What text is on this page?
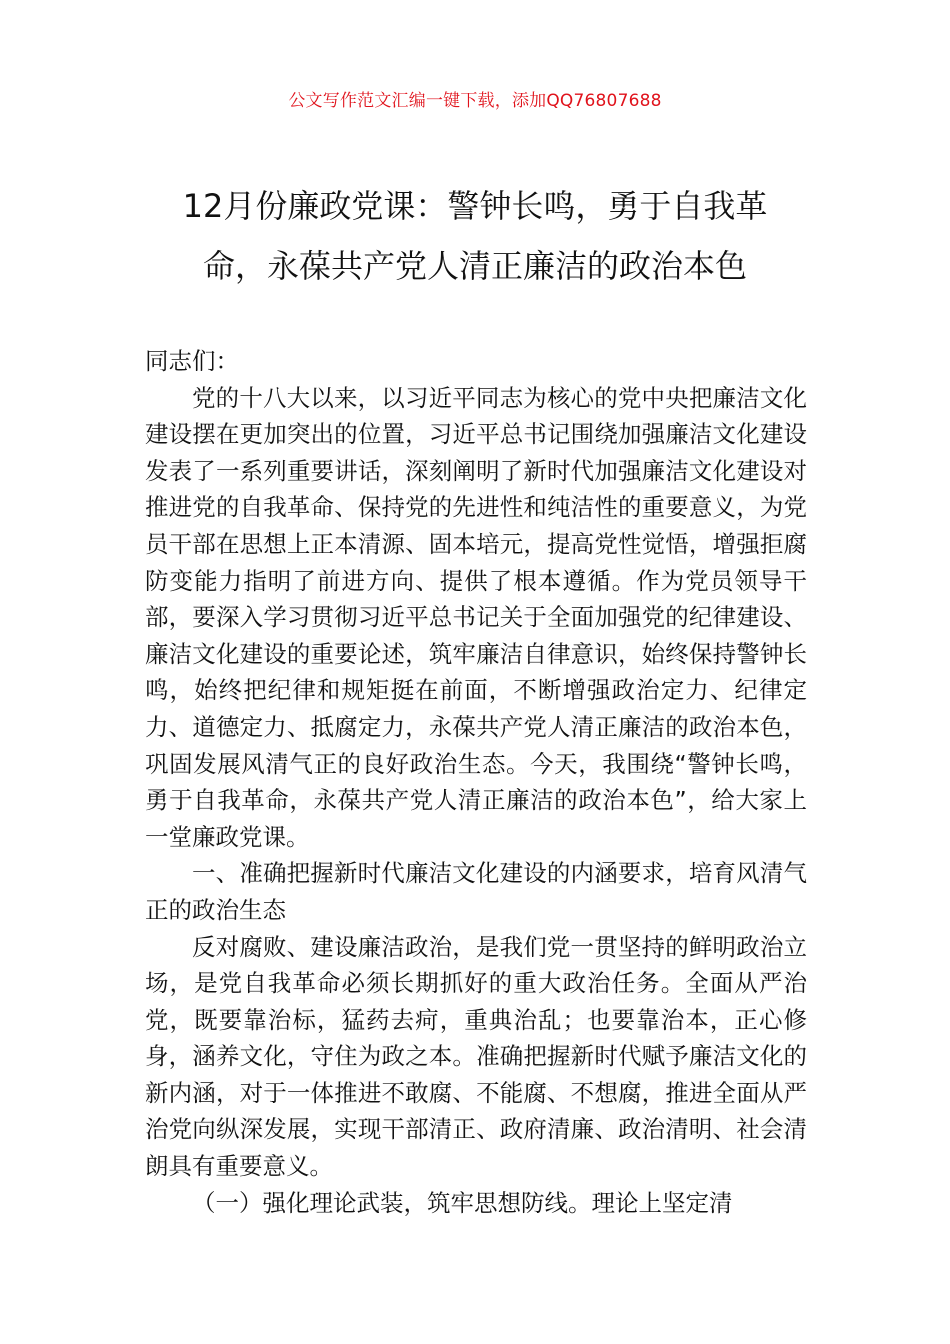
公文写作范文汇编一键下载，添加QQ76807688
12月份廉政党课：警钟长鸣，勇于自我革
命，永葆共产党人清正廉洁的政治本色

同志们：

党的十八大以来，以习近平同志为核心的党中央把廉洁文化建设摆在更加突出的位置，习近平总书记围绕加强廉洁文化建设发表了一系列重要讲话，深刻阐明了新时代加强廉洁文化建设对推进党的自我革命、保持党的先进性和纯洁性的重要意义，为党员干部在思想上正本清源、固本培元，提高党性觉悟，增强拒腐防变能力指明了前进方向、提供了根本遵循。作为党员领导干部，要深入学习贯彻习近平总书记关于全面加强党的纪律建设、廉洁文化建设的重要论述，筑牢廉洁自律意识，始终保持警钟长鸣，始终把纪律和规矩挺在前面，不断增强政治定力、纪律定力、道德定力、抵腐定力，永葆共产党人清正廉洁的政治本色，巩固发展风清气正的良好政治生态。今天，我围绕“警钟长鸣，勇于自我革命，永葆共产党人清正廉洁的政治本色”，给大家上一堂廉政党课。

一、准确把握新时代廉洁文化建设的内涵要求，培育风清气正的政治生态

反对腐败、建设廉洁政治，是我们党一贯坚持的鲜明政治立场，是党自我革命必须长期抓好的重大政治任务。全面从严治党，既要靠治标，猛药去疴，重典治乱；也要靠治本，正心修身，涵养文化，守住为政之本。准确把握新时代赋予廉洁文化的新内涵，对于一体推进不敢腐、不能腐、不想腐，推进全面从严治党向纵深发展，实现干部清正、政府清廉、政治清明、社会清朗具有重要意义。

（一）强化理论武装，筑牢思想防线。理论上坚定清
